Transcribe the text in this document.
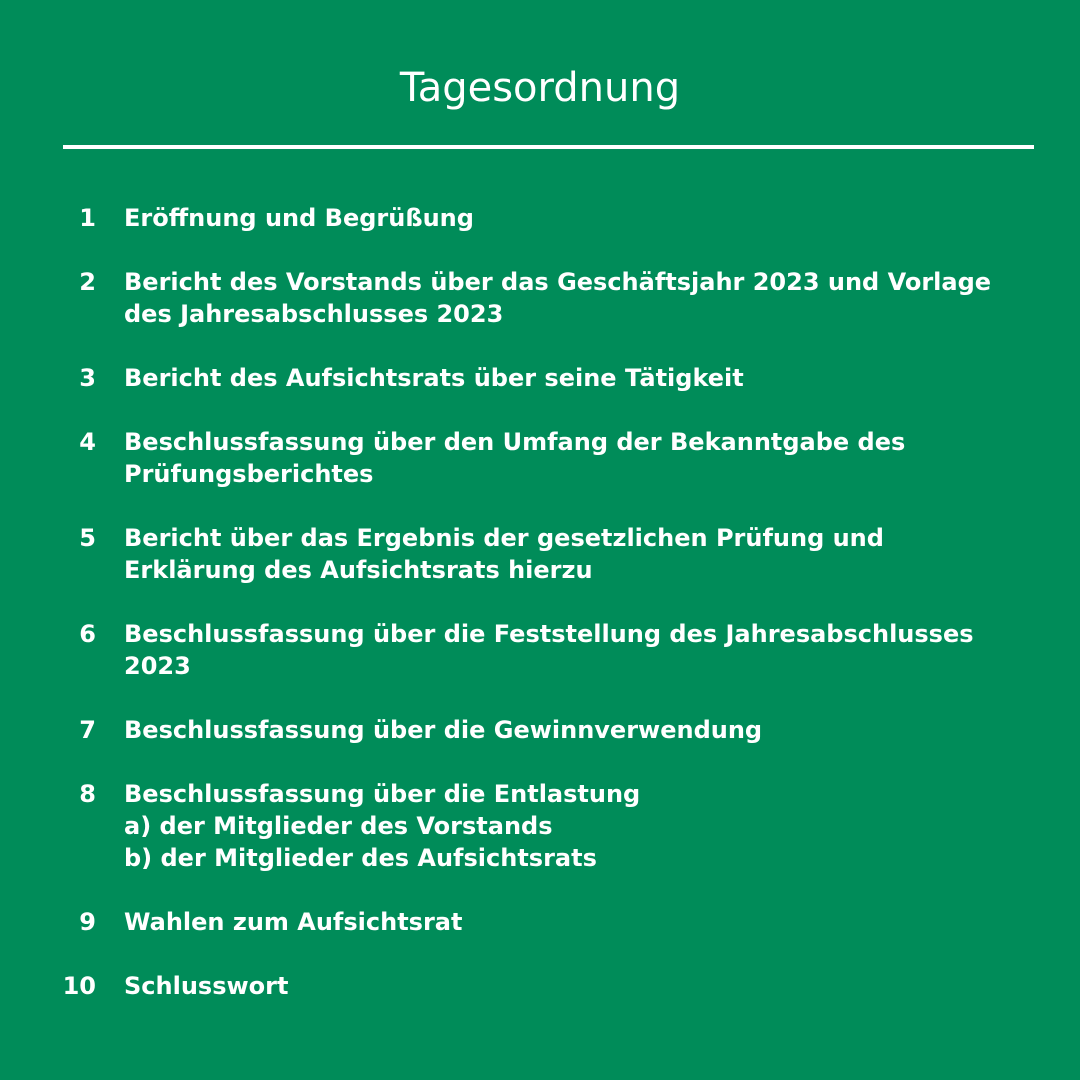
Tagesordnung
1	Eröffnung und Begrüßung
2	Bericht des Vorstands über das Geschäftsjahr 2023 und Vorlage
des Jahresabschlusses 2023
3	Bericht des Aufsichtsrats über seine Tätigkeit
4	Beschlussfassung über den Umfang der Bekanntgabe des
Prüfungsberichtes
5	Bericht über das Ergebnis der gesetzlichen Prüfung und
Erklärung des Aufsichtsrats hierzu
6	Beschlussfassung über die Feststellung des Jahresabschlusses
2023
7	Beschlussfassung über die Gewinnverwendung
8	Beschlussfassung über die Entlastung
a) der Mitglieder des Vorstands
b) der Mitglieder des Aufsichtsrats
9	Wahlen zum Aufsichtsrat
10	Schlusswort
